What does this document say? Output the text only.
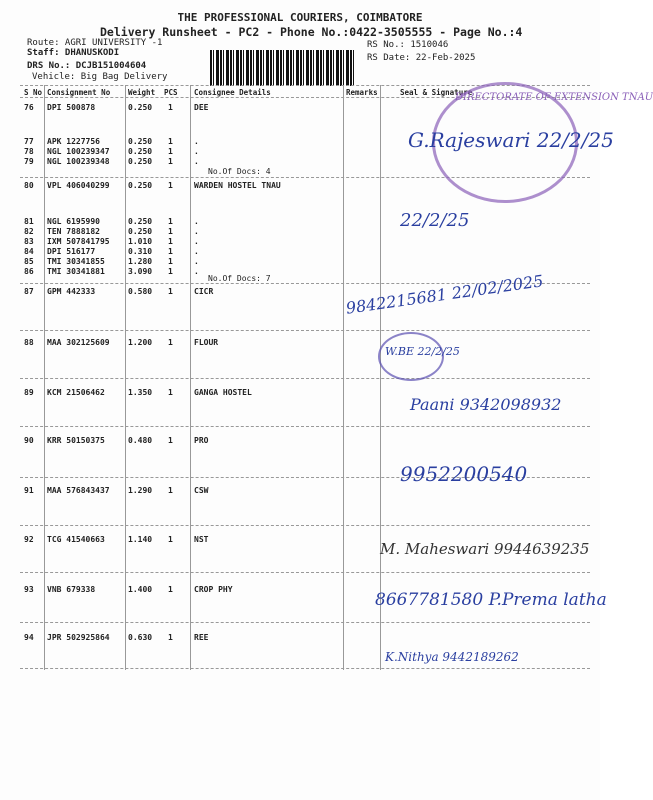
THE PROFESSIONAL COURIERS, COIMBATORE
Delivery Runsheet - PC2 - Phone No.:0422-3505555 - Page No.:4
Route: AGRI UNIVERSITY -1
Staff: DHANUSKODI
DRS No.: DCJB151004604
Vehicle: Big Bag Delivery
RS No.: 1510046
RS Date: 22-Feb-2025
S No Consignment No Weight PCS Consignee Details	Remarks	Seal & Signature
76 DPI 500878	0.250 1	DEE
77 APK 1227756	0.250 1	.
78 NGL 100239347 0.250 1	.
79 NGL 100239348 0.250 1	.
80 VPL 406040299 0.250 1	WARDEN HOSTEL TNAU
81 NGL 6195990	0.250 1	.
82 TEN 7888182	0.250 1	.
83 IXM 507841795 1.010 1	.
84 DPI 516177	0.310 1	.
85 TMI 30341855	1.280 1	.
86 TMI 30341881	3.090 1	.
87 GPM 442333	0.580 1	CICR
88 MAA 302125609 1.200 1	FLOUR
89 KCM 21506462	1.350 1	GANGA HOSTEL
90 KRR 50150375	0.480 1	PRO
91 MAA 576843437 1.290 1	CSW
92 TCG 41540663	1.140 1	NST
93 VNB 679338	1.400 1	CROP PHY
94 JPR 502925864 0.630 1	REE
No.Of Docs: 4
No.Of Docs: 7
DIRECTORATE OF EXTENSION TNAU
G.Rajeswari 22/2/25
22/2/25
9842215681 22/02/2025
W.BE 22/2/25
Paani 9342098932
9952200540
M. Maheswari 9944639235
8667781580 P.Prema latha
K.Nithya 9442189262
